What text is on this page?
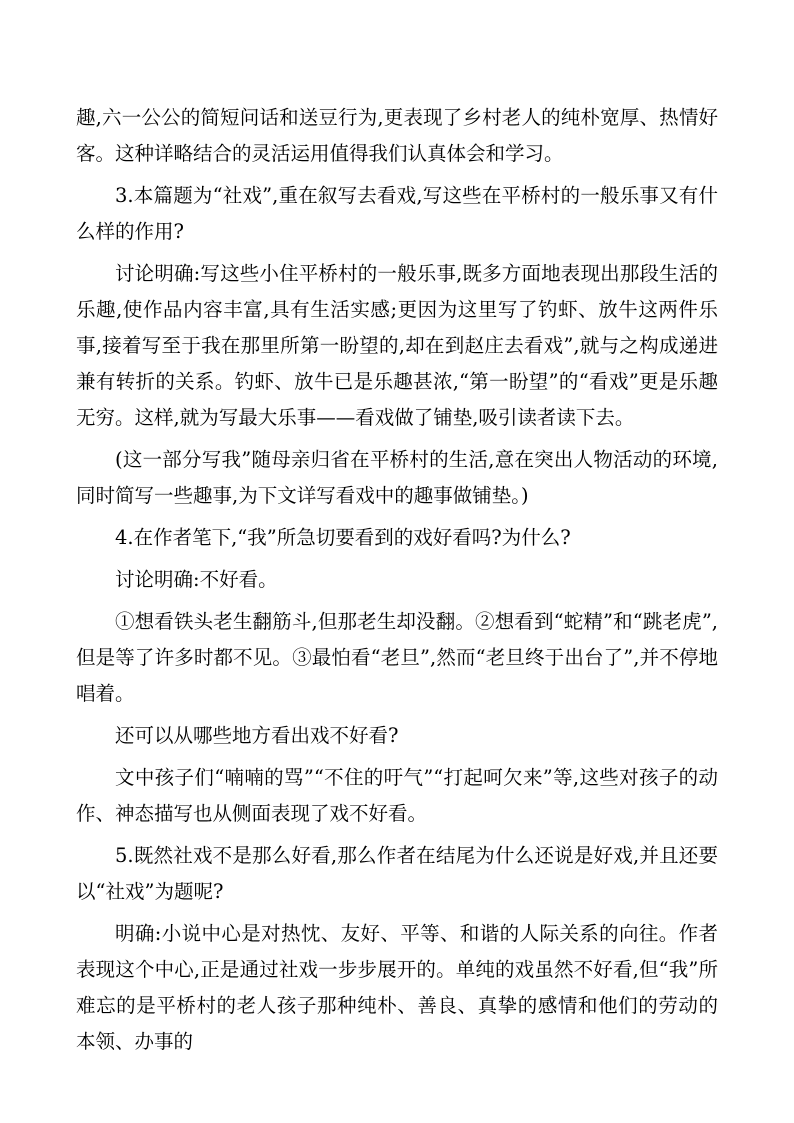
趣,六一公公的简短问话和送豆行为,更表现了乡村老人的纯朴宽厚、热情好客。这种详略结合的灵活运用值得我们认真体会和学习。

3.本篇题为“社戏”,重在叙写去看戏,写这些在平桥村的一般乐事又有什么样的作用?

讨论明确:写这些小住平桥村的一般乐事,既多方面地表现出那段生活的乐趣,使作品内容丰富,具有生活实感;更因为这里写了钓虾、放牛这两件乐事,接着写至于我在那里所第一盼望的,却在到赵庄去看戏”,就与之构成递进兼有转折的关系。钓虾、放牛已是乐趣甚浓,“第一盼望”的“看戏”更是乐趣无穷。这样,就为写最大乐事——看戏做了铺垫,吸引读者读下去。

(这一部分写我”随母亲归省在平桥村的生活,意在突出人物活动的环境,同时简写一些趣事,为下文详写看戏中的趣事做铺垫。)

4.在作者笔下,“我”所急切要看到的戏好看吗?为什么?

讨论明确:不好看。

①想看铁头老生翻筋斗,但那老生却没翻。②想看到“蛇精”和“跳老虎”,但是等了许多时都不见。③最怕看“老旦”,然而“老旦终于出台了”,并不停地唱着。

还可以从哪些地方看出戏不好看?

文中孩子们“喃喃的骂”“不住的吁气”“打起呵欠来”等,这些对孩子的动作、神态描写也从侧面表现了戏不好看。

5.既然社戏不是那么好看,那么作者在结尾为什么还说是好戏,并且还要以“社戏”为题呢?

明确:小说中心是对热忱、友好、平等、和谐的人际关系的向往。作者表现这个中心,正是通过社戏一步步展开的。单纯的戏虽然不好看,但“我”所难忘的是平桥村的老人孩子那种纯朴、善良、真挚的感情和他们的劳动的本领、办事的
